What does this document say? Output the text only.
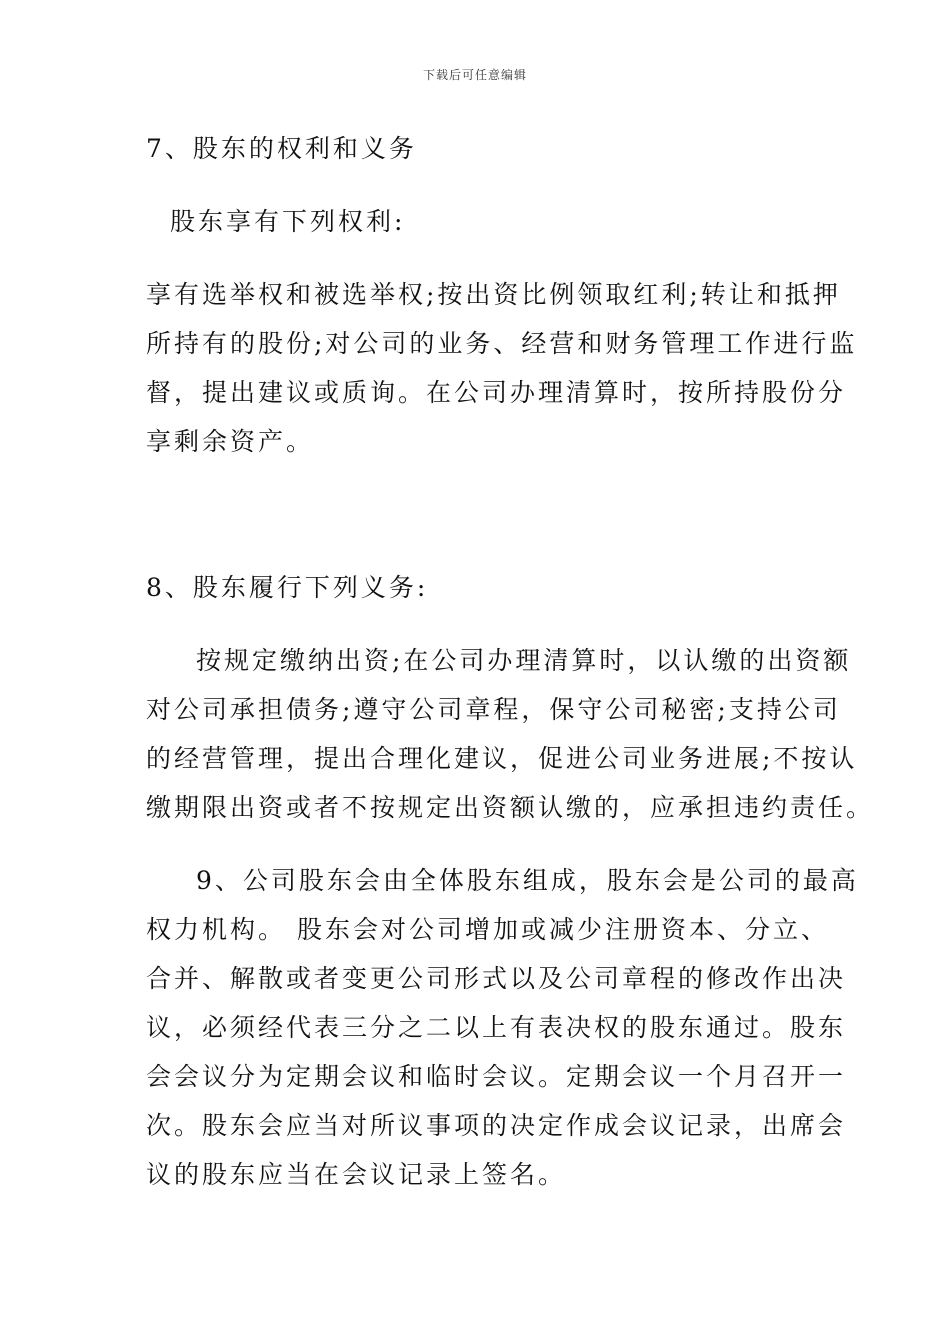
下载后可任意编辑
7、股东的权利和义务
股东享有下列权利:
享有选举权和被选举权;按出资比例领取红利;转让和抵押
所持有的股份;对公司的业务、经营和财务管理工作进行监
督，提出建议或质询。在公司办理清算时，按所持股份分
享剩余资产。
8、股东履行下列义务:
按规定缴纳出资;在公司办理清算时，以认缴的出资额
对公司承担债务;遵守公司章程，保守公司秘密;支持公司
的经营管理，提出合理化建议，促进公司业务进展;不按认
缴期限出资或者不按规定出资额认缴的，应承担违约责任。
9、公司股东会由全体股东组成，股东会是公司的最高
权力机构。 股东会对公司增加或减少注册资本、分立、
合并、解散或者变更公司形式以及公司章程的修改作出决
议，必须经代表三分之二以上有表决权的股东通过。股东
会会议分为定期会议和临时会议。定期会议一个月召开一
次。股东会应当对所议事项的决定作成会议记录，出席会
议的股东应当在会议记录上签名。
